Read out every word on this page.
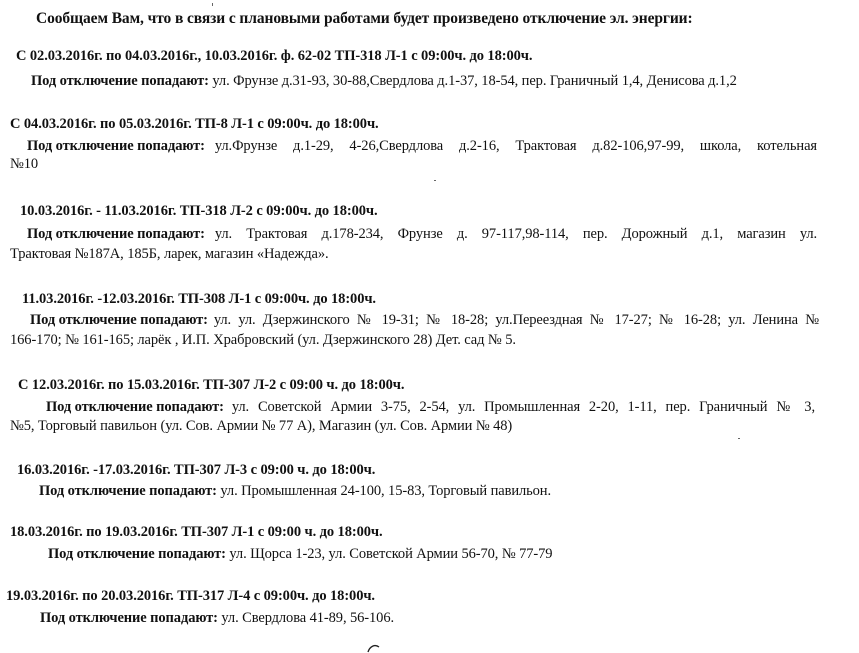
Сообщаем Вам, что в связи с плановыми работами будет произведено отключение эл. энергии:
С 02.03.2016г. по 04.03.2016г., 10.03.2016г. ф. 62-02 ТП-318 Л-1 с 09:00ч. до 18:00ч.
Под отключение попадают: ул. Фрунзе д.31-93, 30-88,Свердлова д.1-37, 18-54, пер. Граничный 1,4, Денисова д.1,2
С 04.03.2016г. по 05.03.2016г. ТП-8 Л-1 с 09:00ч. до 18:00ч.
Под отключение попадают: ул.Фрунзе д.1-29, 4-26,Свердлова д.2-16, Трактовая д.82-106,97-99, школа, котельная
№10
10.03.2016г. - 11.03.2016г. ТП-318 Л-2 с 09:00ч. до 18:00ч.
Под отключение попадают: ул. Трактовая д.178-234, Фрунзе д. 97-117,98-114, пер. Дорожный д.1, магазин ул.
Трактовая №187А, 185Б, ларек, магазин «Надежда».
11.03.2016г. -12.03.2016г. ТП-308 Л-1 с 09:00ч. до 18:00ч.
Под отключение попадают: ул. ул. Дзержинского № 19-31; № 18-28; ул.Переездная № 17-27; № 16-28; ул. Ленина №
166-170; № 161-165; ларёк , И.П. Храбровский (ул. Дзержинского 28) Дет. сад № 5.
С 12.03.2016г. по 15.03.2016г. ТП-307 Л-2 с 09:00 ч. до 18:00ч.
Под отключение попадают: ул. Советской Армии 3-75, 2-54, ул. Промышленная 2-20, 1-11, пер. Граничный № 3,
№5, Торговый павильон (ул. Сов. Армии № 77 А), Магазин (ул. Сов. Армии № 48)
16.03.2016г. -17.03.2016г. ТП-307 Л-3 с 09:00 ч. до 18:00ч.
Под отключение попадают: ул. Промышленная 24-100, 15-83, Торговый павильон.
18.03.2016г. по 19.03.2016г. ТП-307 Л-1 с 09:00 ч. до 18:00ч.
Под отключение попадают: ул. Щорса 1-23, ул. Советской Армии 56-70, № 77-79
19.03.2016г. по 20.03.2016г. ТП-317 Л-4 с 09:00ч. до 18:00ч.
Под отключение попадают: ул. Свердлова 41-89, 56-106.
